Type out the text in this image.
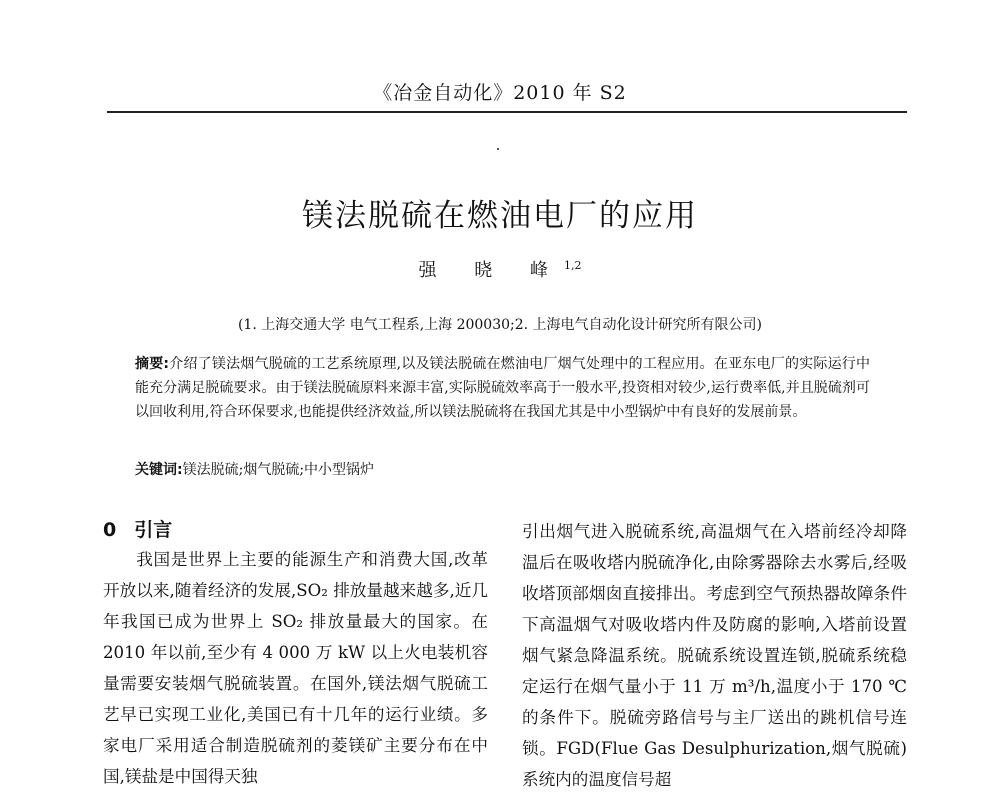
《冶金自动化》2010 年 S2
镁法脱硫在燃油电厂的应用
强 晓 峰$^{1,2}$
(1. 上海交通大学 电气工程系,上海 200030;2. 上海电气自动化设计研究所有限公司)
摘要:介绍了镁法烟气脱硫的工艺系统原理,以及镁法脱硫在燃油电厂烟气处理中的工程应用。在亚东电厂的实际运行中能充分满足脱硫要求。由于镁法脱硫原料来源丰富,实际脱硫效率高于一般水平,投资相对较少,运行费率低,并且脱硫剂可以回收利用,符合环保要求,也能提供经济效益,所以镁法脱硫将在我国尤其是中小型锅炉中有良好的发展前景。
关键词:镁法脱硫;烟气脱硫;中小型锅炉
0 引言

我国是世界上主要的能源生产和消费大国,改革开放以来,随着经济的发展,SO₂ 排放量越来越多,近几年我国已成为世界上 SO₂ 排放量最大的国家。在 2010 年以前,至少有 4 000 万 kW 以上火电装机容量需要安装烟气脱硫装置。在国外,镁法烟气脱硫工艺早已实现工业化,美国已有十几年的运行业绩。多家电厂采用适合制造脱硫剂的菱镁矿主要分布在中国,镁盐是中国得天独

引出烟气进入脱硫系统,高温烟气在入塔前经冷却降温后在吸收塔内脱硫净化,由除雾器除去水雾后,经吸收塔顶部烟囱直接排出。考虑到空气预热器故障条件下高温烟气对吸收塔内件及防腐的影响,入塔前设置烟气紧急降温系统。脱硫系统设置连锁,脱硫系统稳定运行在烟气量小于 11 万 m³/h,温度小于 170 ℃的条件下。脱硫旁路信号与主厂送出的跳机信号连锁。FGD(Flue Gas Desulphurization,烟气脱硫)系统内的温度信号超
